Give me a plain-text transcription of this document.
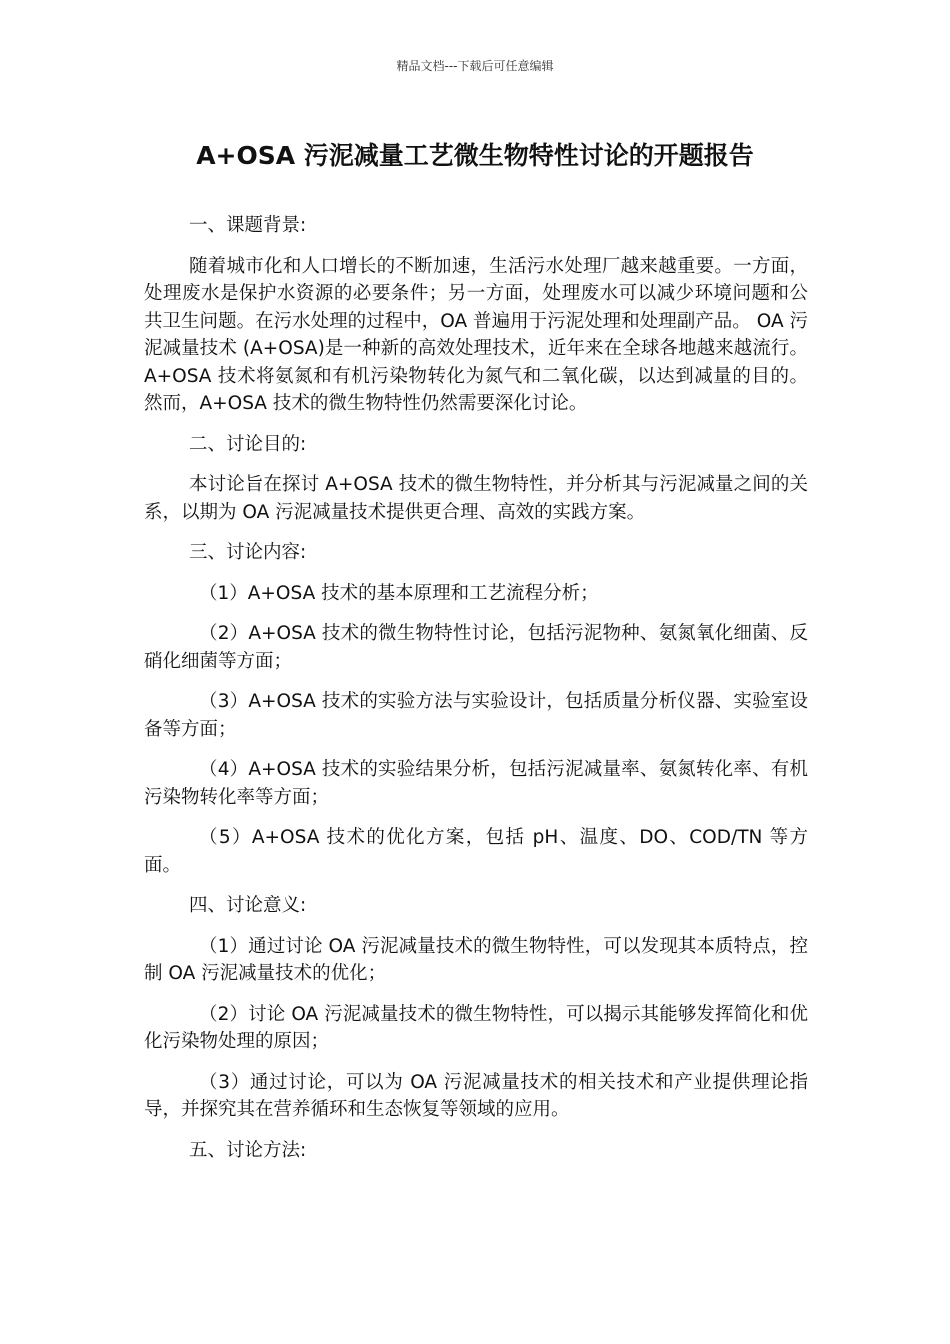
精品文档---下载后可任意编辑
A+OSA 污泥减量工艺微生物特性讨论的开题报告

一、课题背景:

随着城市化和人口增长的不断加速，生活污水处理厂越来越重要。一方面，处理废水是保护水资源的必要条件；另一方面，处理废水可以减少环境问题和公共卫生问题。在污水处理的过程中，OA 普遍用于污泥处理和处理副产品。 OA 污泥减量技术 (A+OSA)是一种新的高效处理技术，近年来在全球各地越来越流行。 A+OSA 技术将氨氮和有机污染物转化为氮气和二氧化碳，以达到减量的目的。然而，A+OSA 技术的微生物特性仍然需要深化讨论。

二、讨论目的:

本讨论旨在探讨 A+OSA 技术的微生物特性，并分析其与污泥减量之间的关系，以期为 OA 污泥减量技术提供更合理、高效的实践方案。

三、讨论内容:

（1）A+OSA 技术的基本原理和工艺流程分析；

（2）A+OSA 技术的微生物特性讨论，包括污泥物种、氨氮氧化细菌、反硝化细菌等方面；

（3）A+OSA 技术的实验方法与实验设计，包括质量分析仪器、实验室设备等方面；

（4）A+OSA 技术的实验结果分析，包括污泥减量率、氨氮转化率、有机污染物转化率等方面；

（5）A+OSA 技术的优化方案，包括 pH、温度、DO、COD/TN 等方面。

四、讨论意义:

（1）通过讨论 OA 污泥减量技术的微生物特性，可以发现其本质特点，控制 OA 污泥减量技术的优化；

（2）讨论 OA 污泥减量技术的微生物特性，可以揭示其能够发挥简化和优化污染物处理的原因；

（3）通过讨论，可以为 OA 污泥减量技术的相关技术和产业提供理论指导，并探究其在营养循环和生态恢复等领域的应用。

五、讨论方法:
